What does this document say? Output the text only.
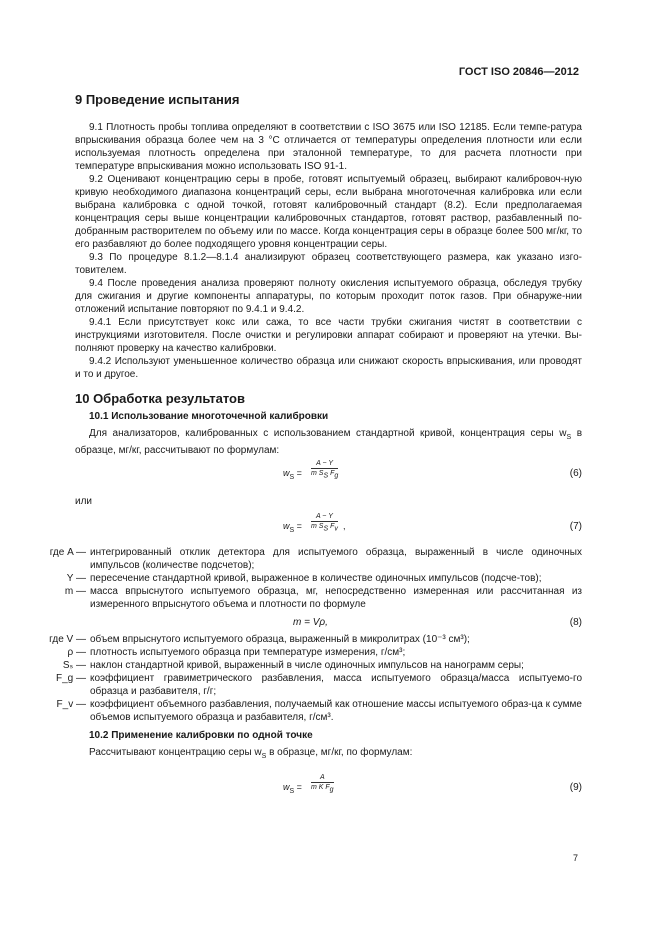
ГОСТ ISO 20846—2012
9 Проведение испытания

9.1 Плотность пробы топлива определяют в соответствии с ISO 3675 или ISO 12185. Если темпе-ратура впрыскивания образца более чем на 3 °С отличается от температуры определения плотности или если используемая плотность определена при эталонной температуре, то для расчета плотности при температуре впрыскивания можно использовать ISO 91-1.

9.2 Оценивают концентрацию серы в пробе, готовят испытуемый образец, выбирают калибровоч-ную кривую необходимого диапазона концентраций серы, если выбрана многоточечная калибровка или если выбрана калибровка с одной точкой, готовят калибровочный стандарт (8.2). Если предполагаемая концентрация серы выше концентрации калибровочных стандартов, готовят раствор, разбавленный по-добранным растворителем по объему или по массе. Когда концентрация серы в образце более 500 мг/кг, то его разбавляют до более подходящего уровня концентрации серы.

9.3 По процедуре 8.1.2—8.1.4 анализируют образец соответствующего размера, как указано изго-товителем.

9.4 После проведения анализа проверяют полноту окисления испытуемого образца, обследуя трубку для сжигания и другие компоненты аппаратуры, по которым проходит поток газов. При обнаруже-нии отложений испытание повторяют по 9.4.1 и 9.4.2.

9.4.1 Если присутствует кокс или сажа, то все части трубки сжигания чистят в соответствии с инструкциями изготовителя. После очистки и регулировки аппарат собирают и проверяют на утечки. Вы-полняют проверку на качество калибровки.

9.4.2 Используют уменьшенное количество образца или снижают скорость впрыскивания, или проводят и то и другое.

10 Обработка результатов
10.1 Использование многоточечной калибровки

Для анализаторов, калиброванных с использованием стандартной кривой, концентрация серы $w_S$ в образце, мг/кг, рассчитывают по формулам:

$w_S = \frac{A - Y}{m S_S F_g}$	(6)

или

$w_S = \frac{A - Y}{m S_S F_v}$ ,	(7)
где A — интегрированный отклик детектора для испытуемого образца, выраженный в числе одиночных импульсов (количестве подсчетов);
Y — пересечение стандартной кривой, выраженное в количестве одиночных импульсов (подсче-тов);
m — масса впрыснутого испытуемого образца, мг, непосредственно измеренная или рассчитанная из измеренного впрыснутого объема и плотности по формуле
m = Vρ,	(8)
где V — объем впрыснутого испытуемого образца, выраженный в микролитрах (10⁻³ см³);
ρ — плотность испытуемого образца при температуре измерения, г/см³;
Sₛ — наклон стандартной кривой, выраженный в числе одиночных импульсов на нанограмм серы;
F_g — коэффициент гравиметрического разбавления, масса испытуемого образца/масса испытуемо-го образца и разбавителя, г/г;
F_v — коэффициент объемного разбавления, получаемый как отношение массы испытуемого образ-ца к сумме объемов испытуемого образца и разбавителя, г/см³.
10.2 Применение калибровки по одной точке

Рассчитывают концентрацию серы $w_S$ в образце, мг/кг, по формулам:

$w_S = \frac{A}{m K F_g}$	(9)
7
